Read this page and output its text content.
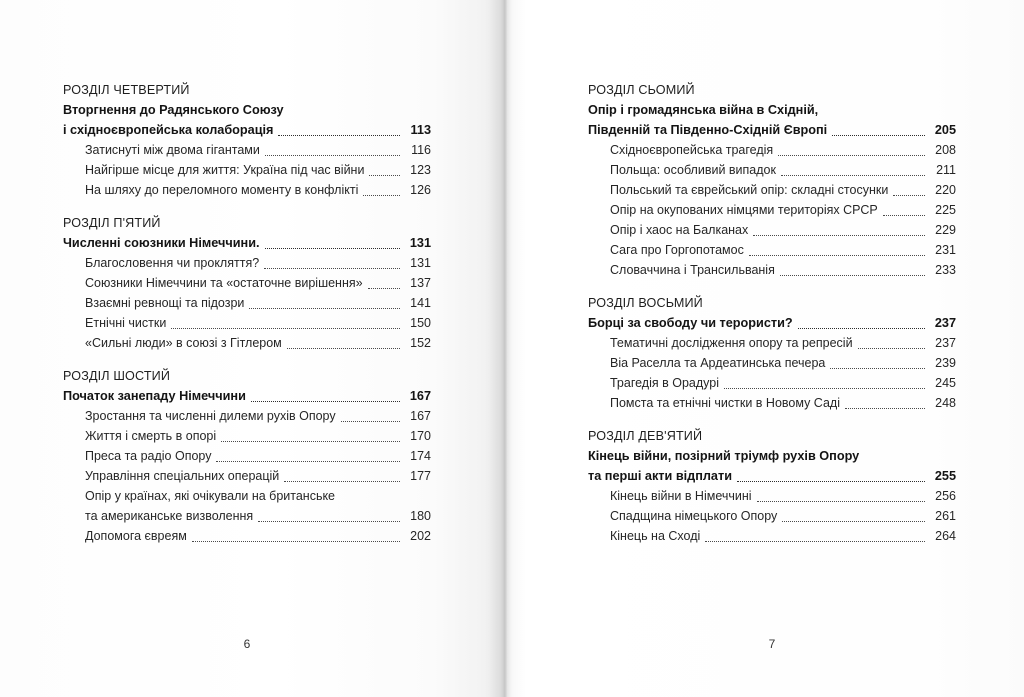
РОЗДІЛ ЧЕТВЕРТИЙ
Вторгнення до Радянського Союзу
і східноєвропейська колаборація	113
Затиснуті між двома гігантами	116
Найгірше місце для життя: Україна під час війни	123
На шляху до переломного моменту в конфлікті	126
РОЗДІЛ П'ЯТИЙ
Численні союзники Німеччини.	131
Благословення чи прокляття?	131
Союзники Німеччини та «остаточне вирішення»	137
Взаємні ревнощі та підозри	141
Етнічні чистки	150
«Сильні люди» в союзі з Гітлером	152
РОЗДІЛ ШОСТИЙ
Початок занепаду Німеччини	167
Зростання та численні дилеми рухів Опору	167
Життя і смерть в опорі	170
Преса та радіо Опору	174
Управління спеціальних операцій	177
Опір у країнах, які очікували на британське
та американське визволення	180
Допомога євреям	202
6
РОЗДІЛ СЬОМИЙ
Опір і громадянська війна в Східній,
Південній та Південно-Східній Європі	205
Східноєвропейська трагедія	208
Польща: особливий випадок	211
Польський та єврейський опір: складні стосунки	220
Опір на окупованих німцями територіях СРСР	225
Опір і хаос на Балканах	229
Сага про Горгопотамос	231
Словаччина і Трансильванія	233
РОЗДІЛ ВОСЬМИЙ
Борці за свободу чи терористи?	237
Тематичні дослідження опору та репресій	237
Віа Раселла та Ардеатинська печера	239
Трагедія в Орадурі	245
Помста та етнічні чистки в Новому Саді	248
РОЗДІЛ ДЕВ'ЯТИЙ
Кінець війни, позірний тріумф рухів Опору
та перші акти відплати	255
Кінець війни в Німеччині	256
Спадщина німецького Опору	261
Кінець на Сході	264
7
